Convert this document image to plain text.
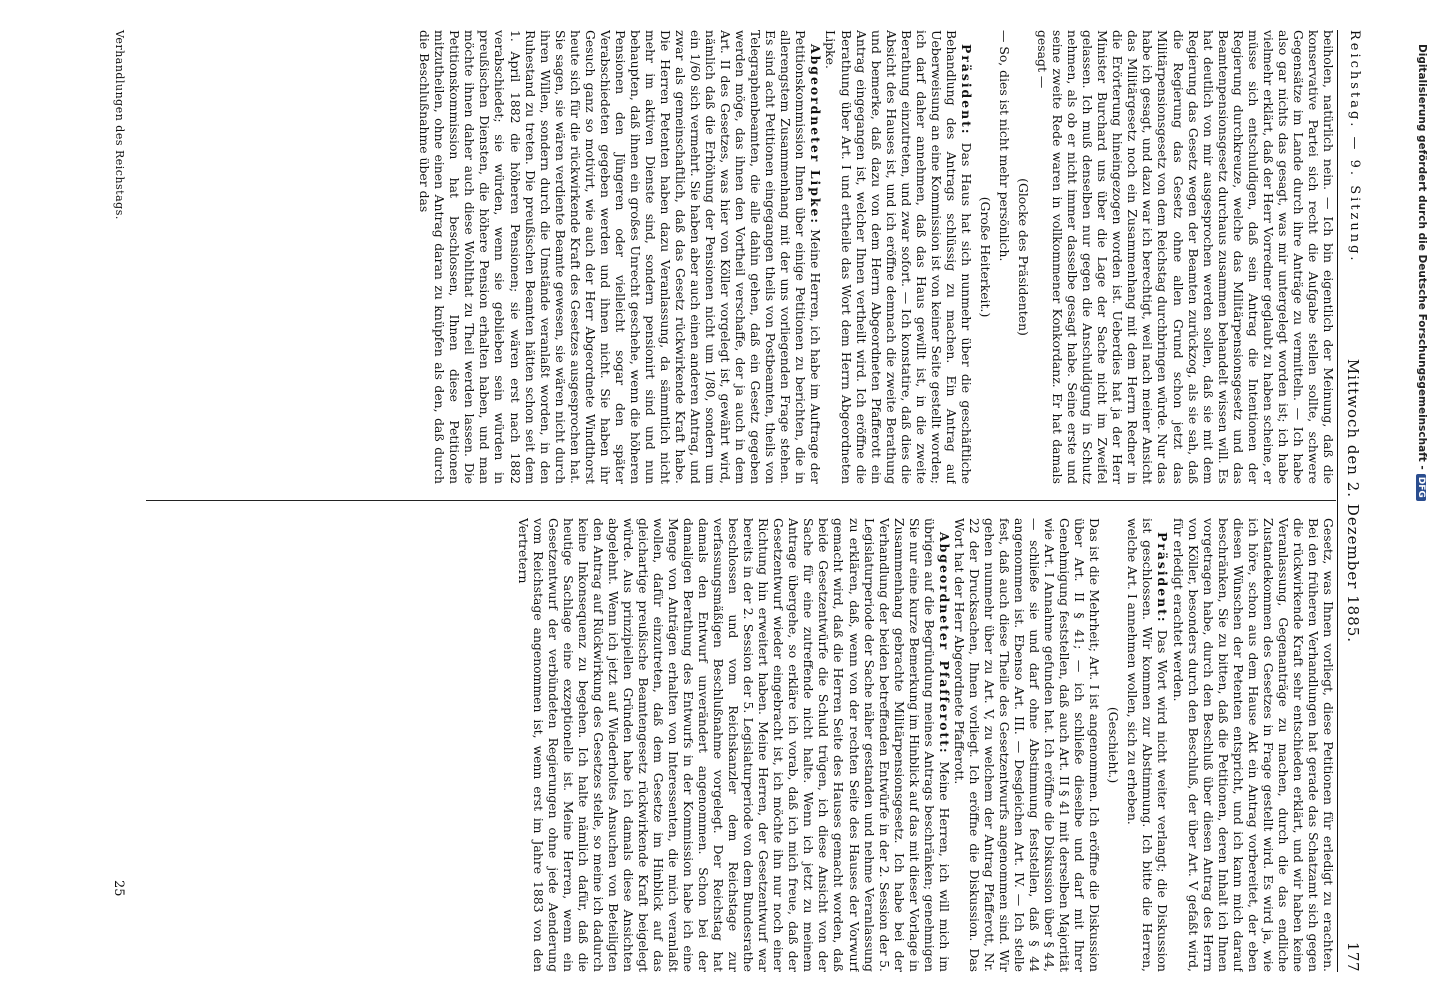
Reichstag. — 9. Sitzung.
Mittwoch den 2. Dezember 1885.
177

beiholen, natürlich nein. — Ich bin eigentlich der Meinung, daß die konservative Partei sich recht die Aufgabe stellen sollte, schwere Gegensätze im Lande durch ihre Anträge zu vermitteln. — Ich habe also gar nichts das gesagt, was mir untergelegt worden ist; ich habe vielmehr erklärt, daß der Herr Vorredner geglaubt zu haben scheine, er müsse sich entschuldigen, daß sein Antrag die Intentionen der Regierung durchkreuze, welche das Militärpensionsgesetz und das Beamtenpensionsgesetz durchaus zusammen behandelt wissen will. Es hat deutlich von mir ausgesprochen werden sollen, daß sie mit dem Regierung das Gesetz wegen der Beamten zurückzog, als sie sah, daß die Regierung das Gesetz ohne allen Grund schon jetzt das Militärpensionsgesetz von dem Reichstag durchbringen würde. Nur das habe ich gesagt, und dazu war ich berechtigt, weil nach meiner Ansicht das Militärgesetz noch ein Zusammenhang mit dem Herrn Redner in die Erörterung hineingezogen worden ist. Ueberdies hat ja der Herr Minister Burchard uns über die Lage der Sache nicht im Zweifel gelassen. Ich muß denselben nur gegen die Anschuldigung in Schutz nehmen, als ob er nicht immer dasselbe gesagt habe. Seine erste und seine zweite Rede waren in vollkommener Konkordanz. Er hat damals gesagt —

(Glocke des Präsidenten)

— So, dies ist nicht mehr persönlich.

(Große Heiterkeit.)

Präsident: Das Haus hat sich nunmehr über die geschäftliche Behandlung des Antrags schlüssig zu machen. Ein Antrag auf Ueberweisung an eine Kommission ist von keiner Seite gestellt worden; ich darf daher annehmen, daß das Haus gewillt ist, in die zweite Berathung einzutreten, und zwar sofort. — Ich konstatire, daß dies die Absicht des Hauses ist, und ich eröffne demnach die zweite Berathung und bemerke, daß dazu von dem Herrn Abgeordneten Pfafferott ein Antrag eingegangen ist, welcher Ihnen vertheilt wird. Ich eröffne die Berathung über Art. I und ertheile das Wort dem Herrn Abgeordneten Lipke.

Abgeordneter Lipke: Meine Herren, ich habe im Auftrage der Petitionskommission Ihnen über einige Petitionen zu berichten, die in allerengstem Zusammenhang mit der uns vorliegenden Frage stehen. Es sind acht Petitionen eingegangen theils von Postbeamten, theils von Telegraphenbeamten, die alle dahin gehen, daß ein Gesetz gegeben werden möge, das ihnen den Vortheil verschaffe, der ja auch in dem Art. II des Gesetzes, was hier von Köller vorgelegt ist, gewährt wird, nämlich daß die Erhöhung der Pensionen nicht um 1/80, sondern um ein 1/60 sich vermehrt. Sie haben aber auch einen anderen Antrag, und zwar als gemeinschaftlich, daß das Gesetz rückwirkende Kraft habe. Die Herren Petenten haben dazu Veranlassung, da sämmtlich nicht mehr im aktiven Dienste sind, sondern pensionirt sind und nun behaupten, daß ihnen ein großes Unrecht geschehe, wenn die höheren Pensionen den Jüngeren oder vielleicht sogar den später Verabschiedeten gegeben werden und ihnen nicht. Sie haben ihr Gesuch ganz so motivirt, wie auch der Herr Abgeordnete Windthorst heute sich für die rückwirkende Kraft des Gesetzes ausgesprochen hat. Sie sagen, sie wären verdiente Beamte gewesen, sie wären nicht durch ihren Willen, sondern durch die Umstände veranlaßt worden, in den Ruhestand zu treten. Die preußischen Beamten hätten schon seit dem 1. April 1882 die höheren Pensionen; sie wären erst nach 1882 verabschiedet; sie würden, wenn sie geblieben sein würden in preußischen Diensten, die höhere Pension erhalten haben, und man möchte ihnen daher auch diese Wohlthat zu Theil werden lassen. Die Petitionskommission hat beschlossen, Ihnen diese Petitionen mitzutheilen, ohne einen Antrag daran zu knüpfen als den, daß durch die Beschlußnahme über das

Gesetz, was Ihnen vorliegt, diese Petitionen für erledigt zu erachten. Bei den früheren Verhandlungen hat gerade das Schatzamt sich gegen die rückwirkende Kraft sehr entschieden erklärt, und wir haben keine Veranlassung, Gegenanträge zu machen, durch die das endliche Zustandekommen des Gesetzes in Frage gestellt wird. Es wird ja, wie ich höre, schon aus dem Hause Akt ein Antrag vorbereitet, der eben diesen Wünschen der Petenten entspricht, und ich kann mich darauf beschränken, Sie zu bitten, daß die Petitionen, deren Inhalt ich Ihnen vorgetragen habe, durch den Beschluß über diesen Antrag des Herrn von Köller, besonders durch den Beschluß, der über Art. V gefaßt wird, für erledigt erachtet werden.

Präsident: Das Wort wird nicht weiter verlangt; die Diskussion ist geschlossen. Wir kommen zur Abstimmung. Ich bitte die Herren, welche Art. I annehmen wollen, sich zu erheben.

(Geschieht.)

Das ist die Mehrheit; Art. I ist angenommen. Ich eröffne die Diskussion über Art. II § 41; — ich schließe dieselbe und darf mit Ihrer Genehmigung feststellen, daß auch Art. II § 41 mit derselben Majorität wie Art. I Annahme gefunden hat. Ich eröffne die Diskussion über § 44, — schließe sie und darf ohne Abstimmung feststellen, daß § 44 angenommen ist. Ebenso Art. III. — Desgleichen Art. IV. — Ich stelle fest, daß auch diese Theile des Gesetzentwurfs angenommen sind. Wir gehen nunmehr über zu Art. V, zu welchem der Antrag Pfafferott, Nr. 22 der Drucksachen, Ihnen vorliegt. Ich eröffne die Diskussion. Das Wort hat der Herr Abgeordnete Pfafferott.

Abgeordneter Pfafferott: Meine Herren, ich will mich im übrigen auf die Begründung meines Antrags beschränken; genehmigen Sie nur eine kurze Bemerkung im Hinblick auf das mit dieser Vorlage in Zusammenhang gebrachte Militärpensionsgesetz. Ich habe bei der Verhandlung der beiden betreffenden Entwürfe in der 2. Session der 5. Legislaturperiode der Sache näher gestanden und nehme Veranlassung zu erklären, daß, wenn von der rechten Seite des Hauses der Vorwurf gemacht wird, daß die Herren Seite des Hauses gemacht worden, daß beide Gesetzentwürfe die Schuld trügen, ich diese Ansicht von der Sache für eine zutreffende nicht halte. Wenn ich jetzt zu meinem Antrage übergehe, so erkläre ich vorab, daß ich mich freue, daß der Gesetzentwurf wieder eingebracht ist, ich möchte ihn nur noch einer Richtung hin erweitert haben. Meine Herren, der Gesetzentwurf war bereits in der 2. Session der 5. Legislaturperiode von dem Bundesrathe beschlossen und vom Reichskanzler dem Reichstage zur verfassungsmäßigen Beschlußnahme vorgelegt. Der Reichstag hat damals den Entwurf unverändert angenommen. Schon bei der damaligen Berathung des Entwurfs in der Kommission habe ich eine Menge von Anträgen erhalten von Interessenten, die mich veranlaßt wollen, dafür einzutreten, daß dem Gesetze im Hinblick auf das gleichartige preußische Beamtengesetz rückwirkende Kraft beigelegt würde. Aus prinzipiellen Gründen habe ich damals diese Ansichten abgelehnt. Wenn ich jetzt auf Wiederholtes Ansuchen von Beteiligten den Antrag auf Rückwirkung des Gesetzes stelle, so meine ich dadurch keine Inkonsequenz zu begehen. Ich halte nämlich dafür, daß die heutige Sachlage eine exzeptionelle ist. Meine Herren, wenn ein Gesetzentwurf der verbündeten Regierungen ohne jede Aenderung vom Reichstage angenommen ist, wenn erst im Jahre 1883 von den Vertretern

Verhandlungen des Reichstags.
25
Digitalisierung gefördert durch die Deutsche Forschungsgemeinschaft -DFG
